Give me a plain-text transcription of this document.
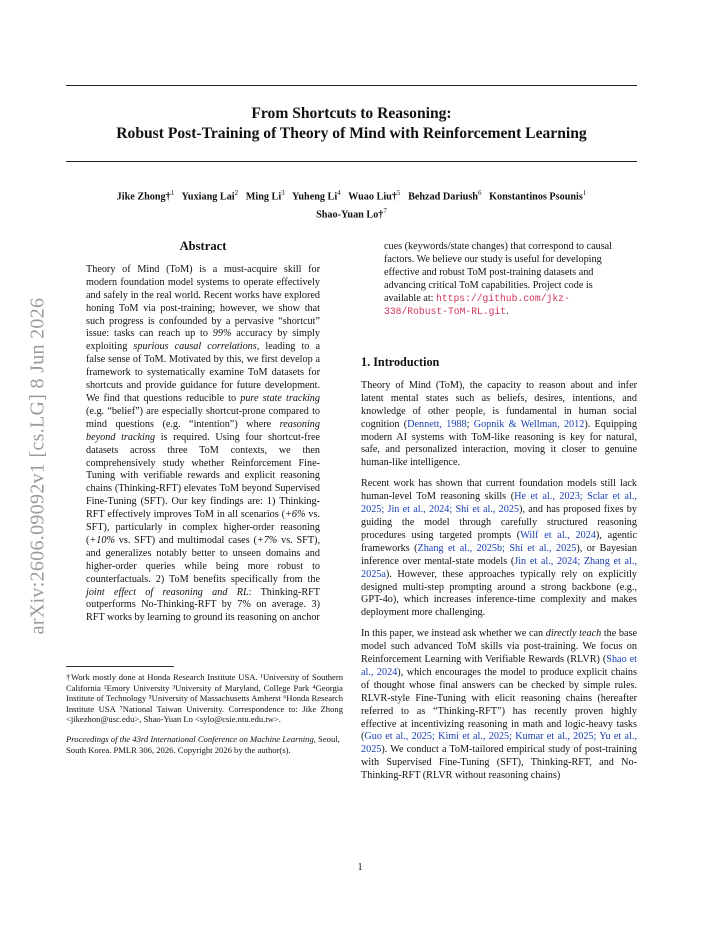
arXiv:2606.09092v1 [cs.LG] 8 Jun 2026
From Shortcuts to Reasoning:
Robust Post-Training of Theory of Mind with Reinforcement Learning
Jike Zhong†$^1$ Yuxiang Lai$^2$ Ming Li$^3$ Yuheng Li$^4$ Wuao Liu†$^5$ Behzad Dariush$^6$ Konstantinos Psounis$^1$
Shao-Yuan Lo†$^7$

Abstract

Theory of Mind (ToM) is a must-acquire skill for modern foundation model systems to operate effectively and safely in the real world. Recent works have explored honing ToM via post-training; however, we show that such progress is confounded by a pervasive “shortcut” issue: tasks can reach up to 99% accuracy by simply exploiting spurious causal correlations, leading to a false sense of ToM. Motivated by this, we first develop a framework to systematically examine ToM datasets for shortcuts and provide guidance for future development. We find that questions reducible to pure state tracking (e.g. “belief”) are especially shortcut-prone compared to mind questions (e.g. “intention”) where reasoning beyond tracking is required. Using four shortcut-free datasets across three ToM contexts, we then comprehensively study whether Reinforcement Fine-Tuning with verifiable rewards and explicit reasoning chains (Thinking-RFT) elevates ToM beyond Supervised Fine-Tuning (SFT). Our key findings are: 1) Thinking-RFT effectively improves ToM in all scenarios (+6% vs. SFT), particularly in complex higher-order reasoning (+10% vs. SFT) and multimodal cases (+7% vs. SFT), and generalizes notably better to unseen domains and higher-order queries while being more robust to counterfactuals. 2) ToM benefits specifically from the joint effect of reasoning and RL: Thinking-RFT outperforms No-Thinking-RFT by 7% on average. 3) RFT works by learning to ground its reasoning on anchor

†Work mostly done at Honda Research Institute USA. ¹University of Southern California ²Emory University ³University of Maryland, College Park ⁴Georgia Institute of Technology ⁵University of Massachusetts Amherst ⁶Honda Research Institute USA ⁷National Taiwan University. Correspondence to: Jike Zhong <jikezhon@usc.edu>, Shao-Yuan Lo <sylo@csie.ntu.edu.tw>.

Proceedings of the 43rd International Conference on Machine Learning, Seoul, South Korea. PMLR 306, 2026. Copyright 2026 by the author(s).

cues (keywords/state changes) that correspond to causal factors. We believe our study is useful for developing effective and robust ToM post-training datasets and advancing critical ToM capabilities. Project code is available at: https://github.com/jkz-338/Robust-ToM-RL.git.

1. Introduction

Theory of Mind (ToM), the capacity to reason about and infer latent mental states such as beliefs, desires, intentions, and knowledge of other people, is fundamental in human social cognition (Dennett, 1988; Gopnik & Wellman, 2012). Equipping modern AI systems with ToM-like reasoning is key for natural, safe, and personalized interaction, moving it closer to genuine human-like intelligence.

Recent work has shown that current foundation models still lack human-level ToM reasoning skills (He et al., 2023; Sclar et al., 2025; Jin et al., 2024; Shi et al., 2025), and has proposed fixes by guiding the model through carefully structured reasoning procedures using targeted prompts (Wilf et al., 2024), agentic frameworks (Zhang et al., 2025b; Shi et al., 2025), or Bayesian inference over mental-state models (Jin et al., 2024; Zhang et al., 2025a). However, these approaches typically rely on explicitly designed multi-step prompting around a strong backbone (e.g., GPT-4o), which increases inference-time complexity and makes deployment more challenging.

In this paper, we instead ask whether we can directly teach the base model such advanced ToM skills via post-training. We focus on Reinforcement Learning with Verifiable Rewards (RLVR) (Shao et al., 2024), which encourages the model to produce explicit chains of thought whose final answers can be checked by simple rules. RLVR-style Fine-Tuning with elicit reasoning chains (hereafter referred to as “Thinking-RFT”) has recently proven highly effective at incentivizing reasoning in math and logic-heavy tasks (Guo et al., 2025; Kimi et al., 2025; Kumar et al., 2025; Yu et al., 2025). We conduct a ToM-tailored empirical study of post-training with Supervised Fine-Tuning (SFT), Thinking-RFT, and No-Thinking-RFT (RLVR without reasoning chains)

1
